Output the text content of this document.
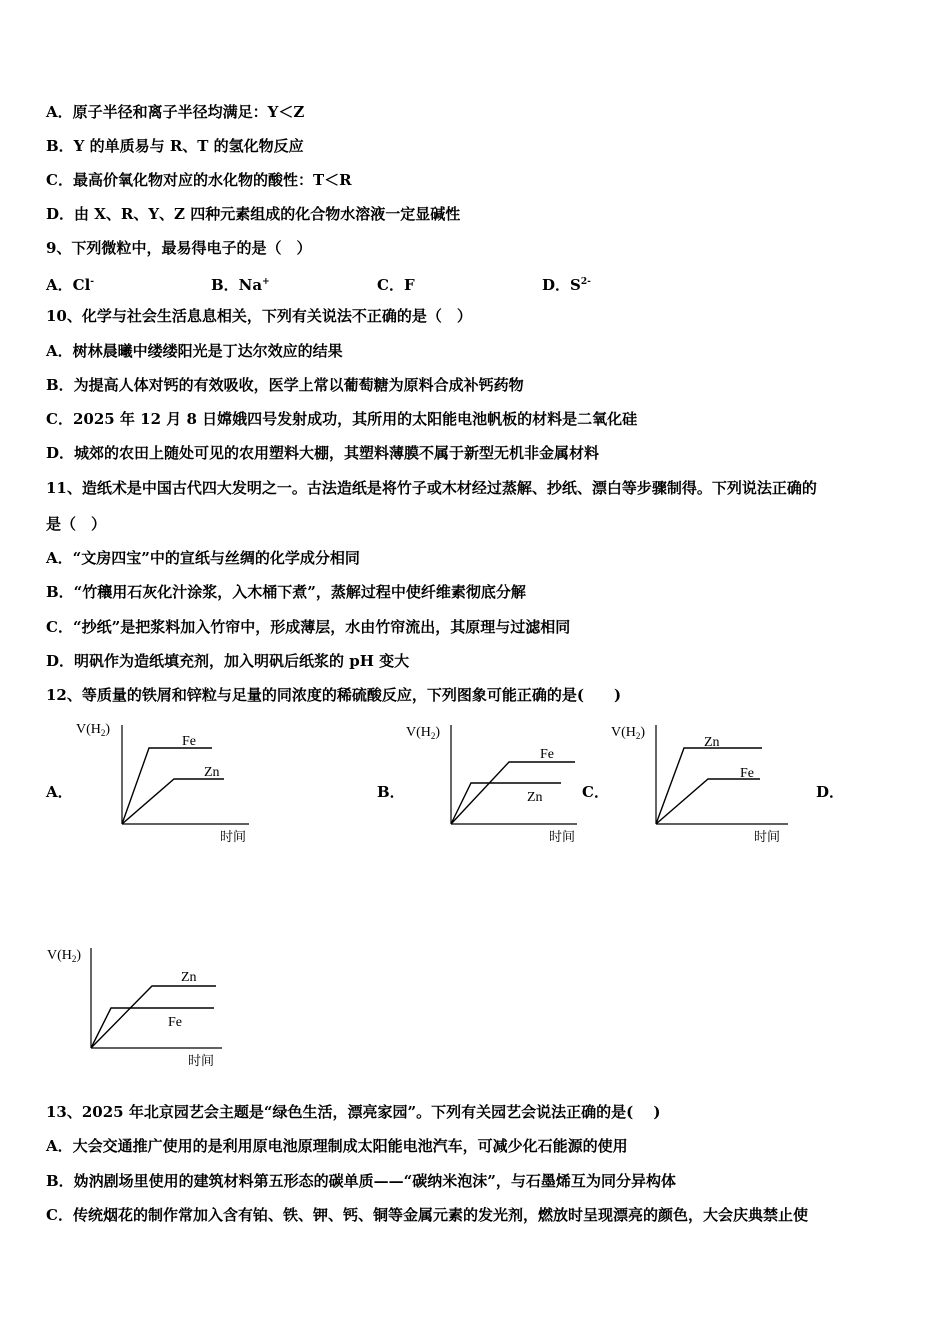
A．原子半径和离子半径均满足：Y＜Z
B．Y 的单质易与 R、T 的氢化物反应
C．最高价氧化物对应的水化物的酸性：T＜R
D．由 X、R、Y、Z 四种元素组成的化合物水溶液一定显碱性
9、下列微粒中，最易得电子的是（　）
A．Cl-	B．Na+	C．F	D．$S^{2-}$
10、化学与社会生活息息相关，下列有关说法不正确的是（　）
A．树林晨曦中缕缕阳光是丁达尔效应的结果
B．为提高人体对钙的有效吸收，医学上常以葡萄糖为原料合成补钙药物
C．2025 年 12 月 8 日嫦娥四号发射成功，其所用的太阳能电池帆板的材料是二氧化硅
D．城郊的农田上随处可见的农用塑料大棚，其塑料薄膜不属于新型无机非金属材料
11、造纸术是中国古代四大发明之一。古法造纸是将竹子或木材经过蒸解、抄纸、漂白等步骤制得。下列说法正确的
是（　）
A．“文房四宝”中的宣纸与丝绸的化学成分相同
B．“竹穰用石灰化汁涂浆，入木桶下煮”，蒸解过程中使纤维素彻底分解
C．“抄纸”是把浆料加入竹帘中，形成薄层，水由竹帘流出，其原理与过滤相同
D．明矾作为造纸填充剂，加入明矾后纸浆的 pH 变大
12、等质量的铁屑和锌粒与足量的同浓度的稀硫酸反应，下列图象可能正确的是(　　)
A．	B．	C．	D．
$V(H_2)$
Fe
Zn
时间
$V(H_2)$
Fe
Zn
时间
$V(H_2)$
Zn
Fe
时间
$V(H_2)$
Zn
Fe
时间
13、2025 年北京园艺会主题是“绿色生活，漂亮家园”。下列有关园艺会说法正确的是(　 )
A．大会交通推广使用的是利用原电池原理制成太阳能电池汽车，可减少化石能源的使用
B．妫汭剧场里使用的建筑材料第五形态的碳单质——“碳纳米泡沫”，与石墨烯互为同分异构体
C．传统烟花的制作常加入含有铂、铁、钾、钙、铜等金属元素的发光剂，燃放时呈现漂亮的颜色，大会庆典禁止使
